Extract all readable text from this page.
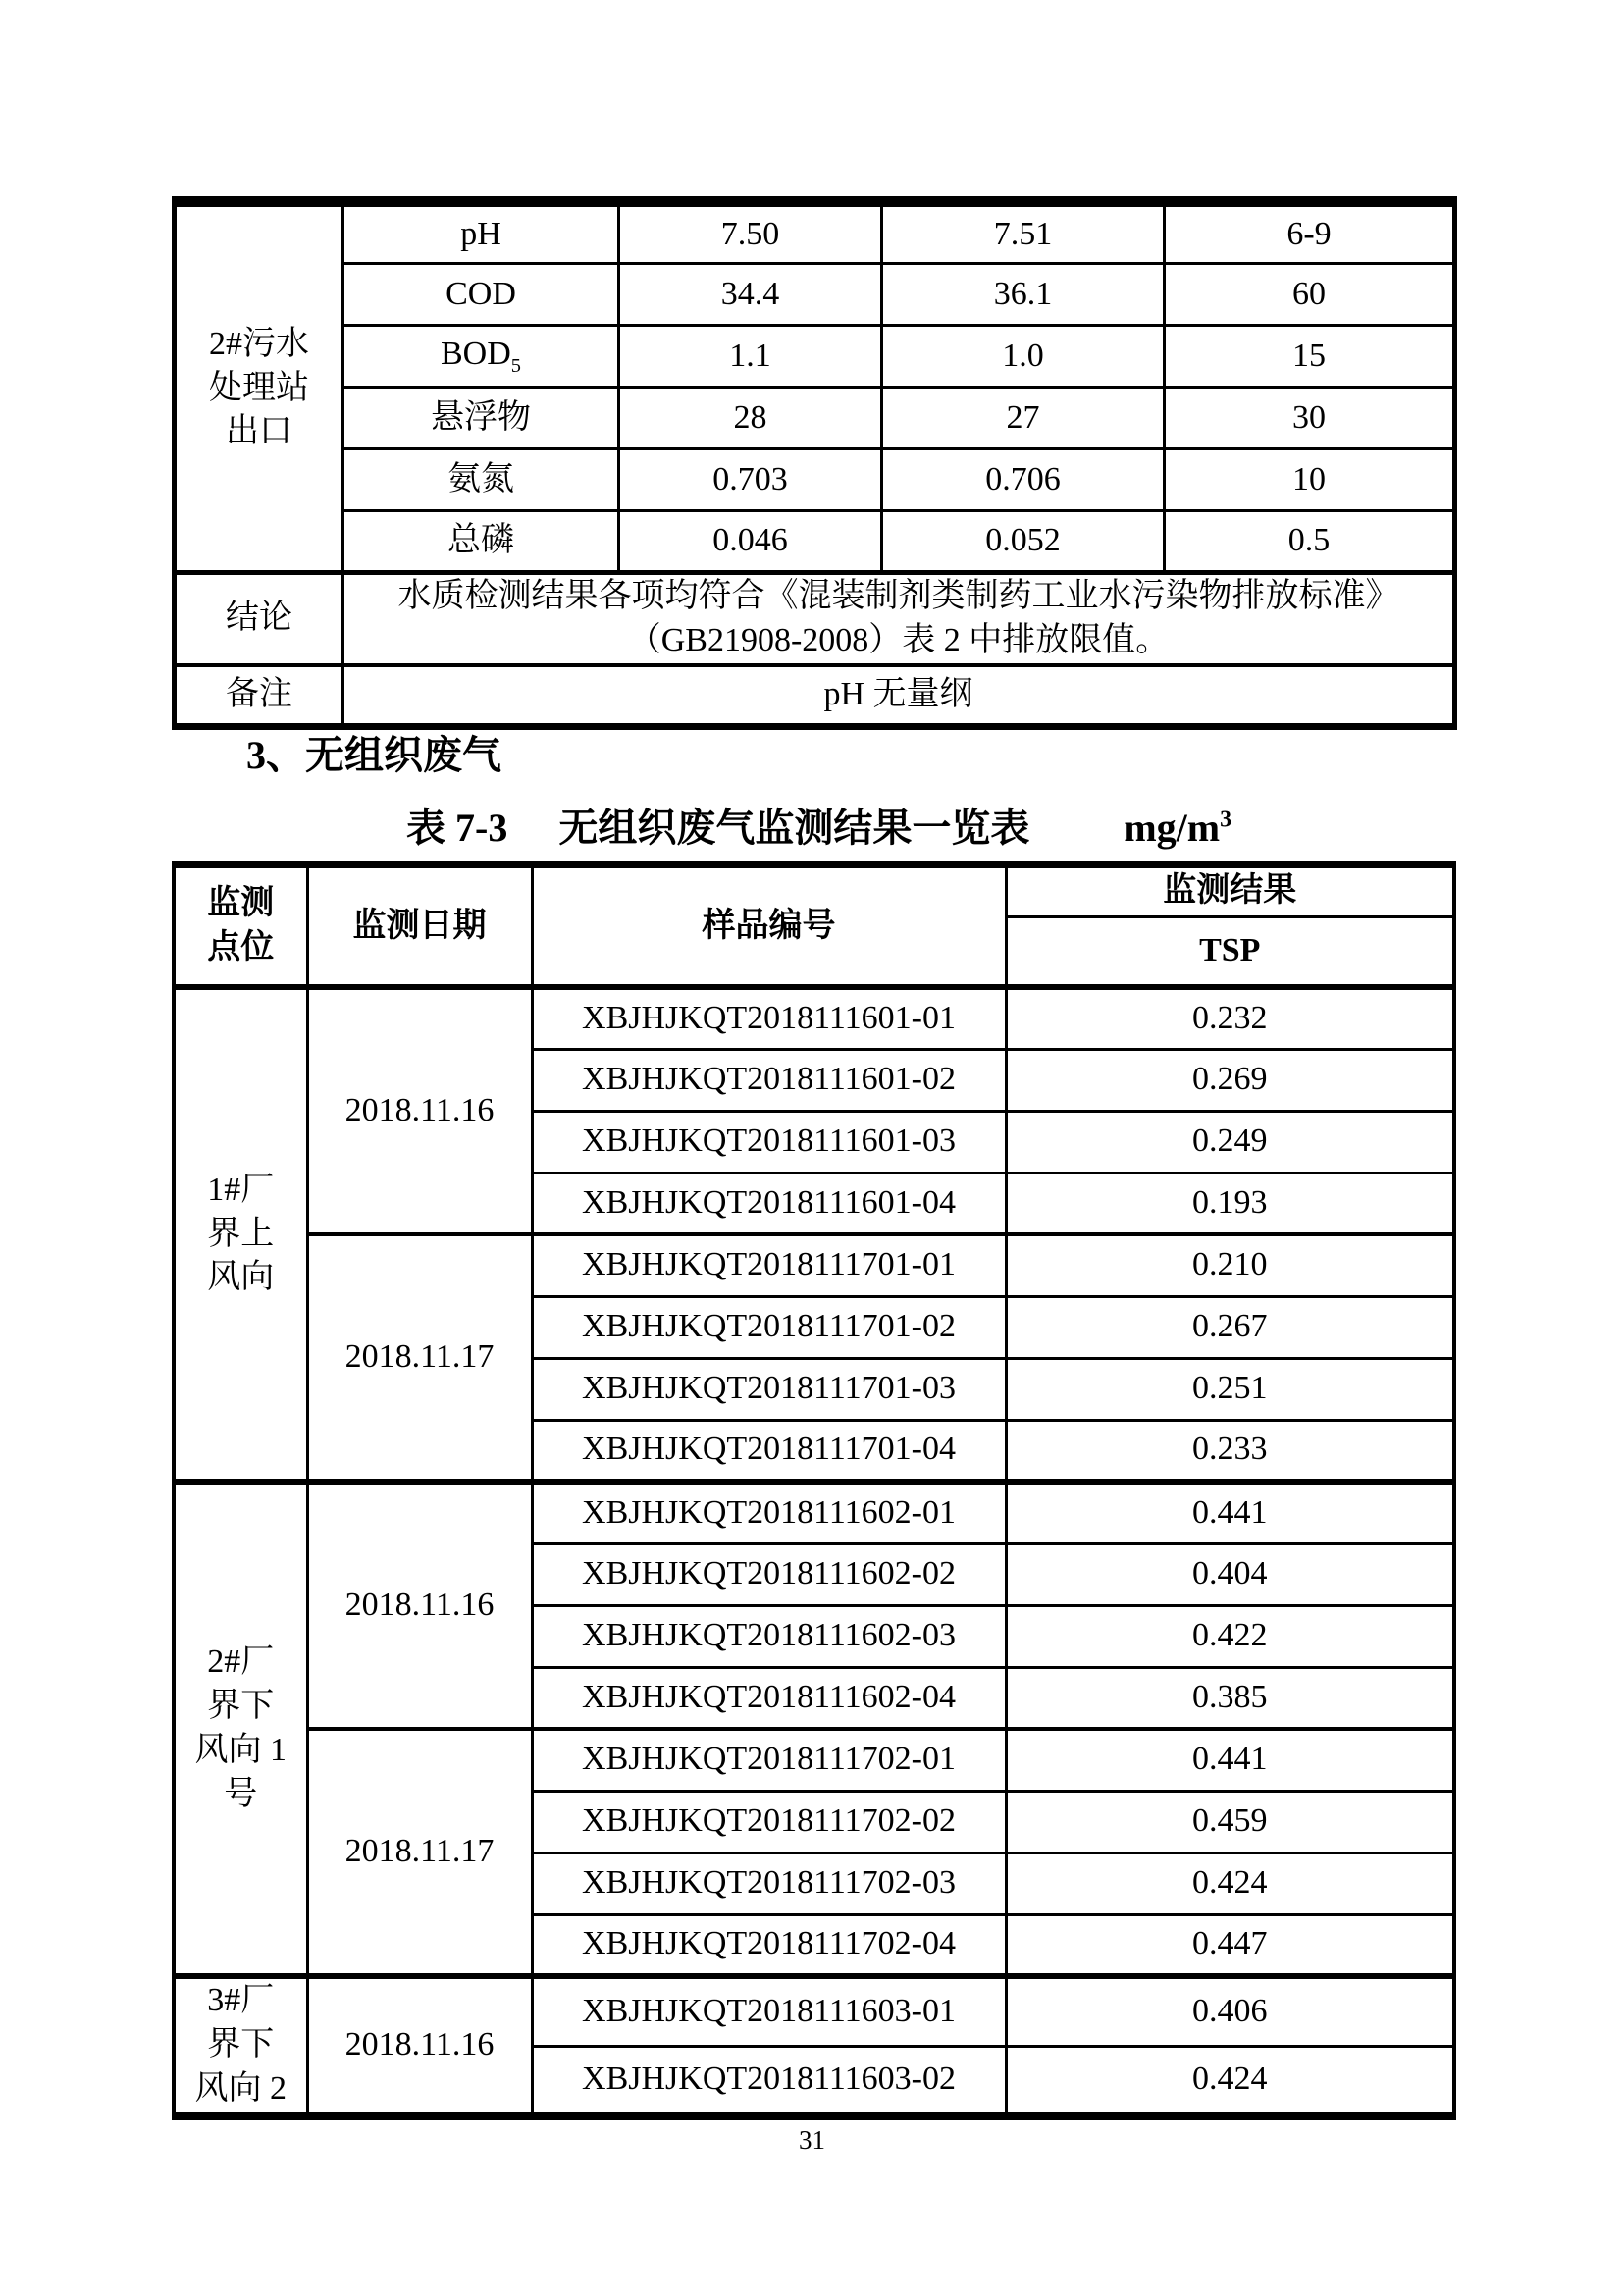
2#污水
处理站
出口	pH	7.50	7.51	6-9
	COD	34.4	36.1	60
	$BOD_5$	1.1	1.0	15
	悬浮物	28	27	30
	氨氮	0.703	0.706	10
	总磷	0.046	0.052	0.5
结论	水质检测结果各项均符合《混装制剂类制药工业水污染物排放标准》
（GB21908-2008）表 2 中排放限值。			
备注	pH 无量纲			
3、无组织废气
表 7-3 无组织废气监测结果一览表 $mg/m^3$
监测
点位	监测日期	样品编号	监测结果
			TSP
1#厂
界上
风向	2018.11.16	XBJHJKQT2018111601-01	0.232
		XBJHJKQT2018111601-02	0.269
		XBJHJKQT2018111601-03	0.249
		XBJHJKQT2018111601-04	0.193
	2018.11.17	XBJHJKQT2018111701-01	0.210
		XBJHJKQT2018111701-02	0.267
		XBJHJKQT2018111701-03	0.251
		XBJHJKQT2018111701-04	0.233
2#厂
界下
风向 1
号	2018.11.16	XBJHJKQT2018111602-01	0.441
		XBJHJKQT2018111602-02	0.404
		XBJHJKQT2018111602-03	0.422
		XBJHJKQT2018111602-04	0.385
	2018.11.17	XBJHJKQT2018111702-01	0.441
		XBJHJKQT2018111702-02	0.459
		XBJHJKQT2018111702-03	0.424
		XBJHJKQT2018111702-04	0.447
3#厂
界下
风向 2	2018.11.16	XBJHJKQT2018111603-01	0.406
		XBJHJKQT2018111603-02	0.424
31
